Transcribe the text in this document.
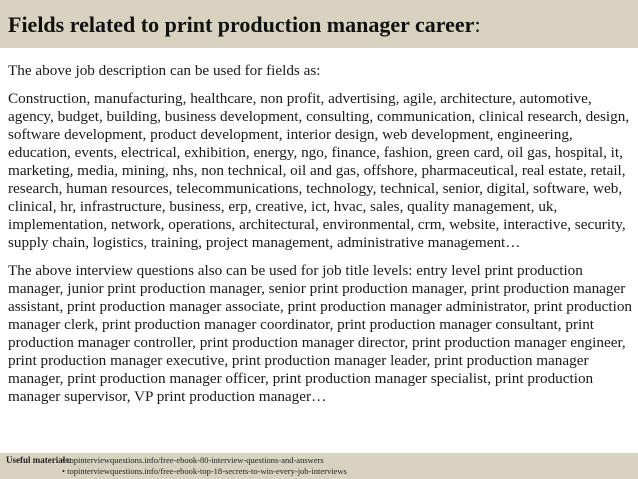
Fields related to print production manager career:

The above job description can be used for fields as:

Construction, manufacturing, healthcare, non profit, advertising, agile, architecture, automotive, agency, budget, building, business development, consulting, communication, clinical research, design, software development, product development, interior design, web development, engineering, education, events, electrical, exhibition, energy, ngo, finance, fashion, green card, oil gas, hospital, it, marketing, media, mining, nhs, non technical, oil and gas, offshore, pharmaceutical, real estate, retail, research, human resources, telecommunications, technology, technical, senior, digital, software, web, clinical, hr, infrastructure, business, erp, creative, ict, hvac, sales, quality management, uk, implementation, network, operations, architectural, environmental, crm, website, interactive, security, supply chain, logistics, training, project management, administrative management…

The above interview questions also can be used for job title levels: entry level print production manager, junior print production manager, senior print production manager, print production manager assistant, print production manager associate, print production manager administrator, print production manager clerk, print production manager coordinator, print production manager consultant, print production manager controller, print production manager director, print production manager engineer, print production manager executive, print production manager leader, print production manager manager, print production manager officer, print production manager specialist, print production manager supervisor, VP print production manager…

Useful materials:
• topinterviewquestions.info/free-ebook-80-interview-questions-and-answers
• topinterviewquestions.info/free-ebook-top-18-secrets-to-win-every-job-interviews
